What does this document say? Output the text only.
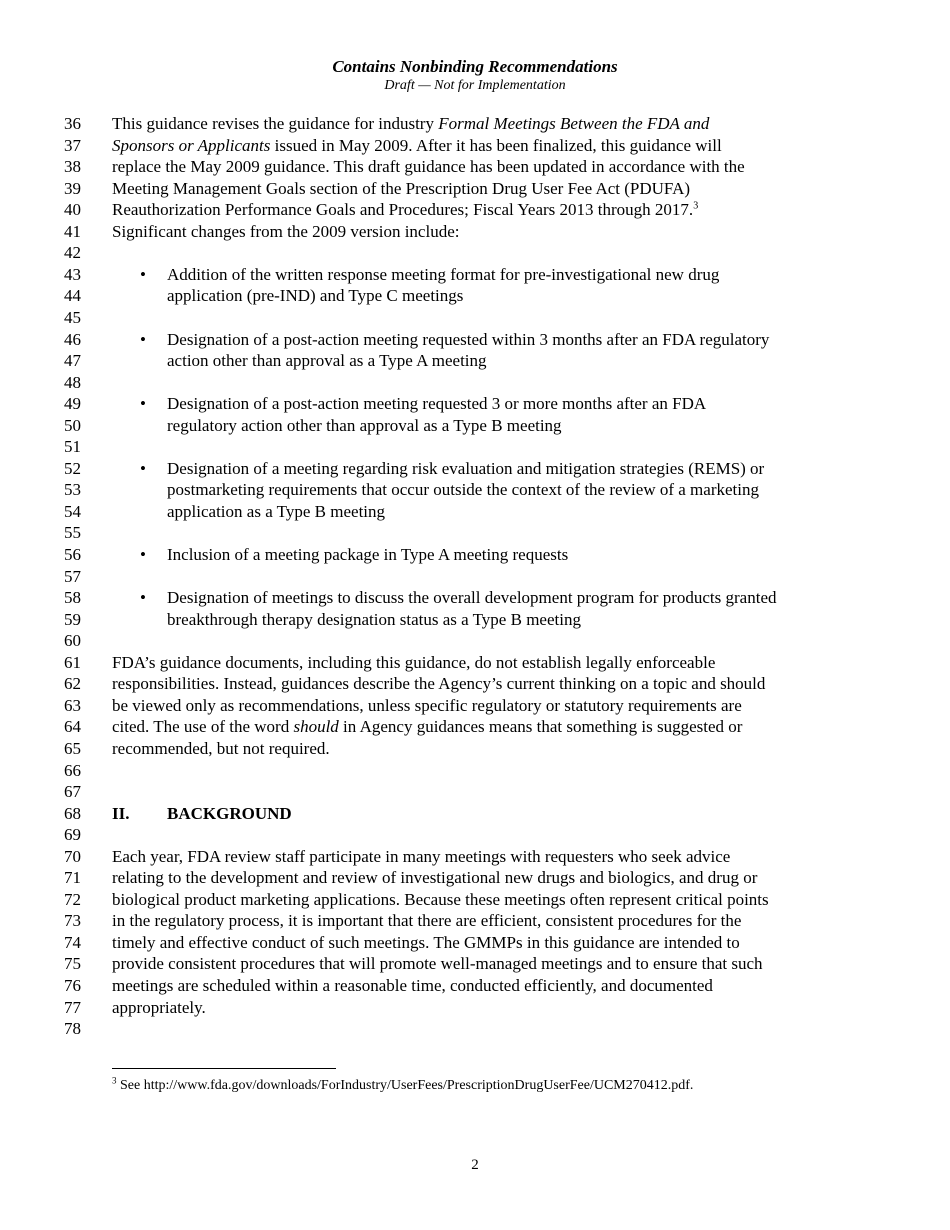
Contains Nonbinding Recommendations
Draft — Not for Implementation
36	This guidance revises the guidance for industry Formal Meetings Between the FDA and
37	Sponsors or Applicants issued in May 2009. After it has been finalized, this guidance will
38	replace the May 2009 guidance. This draft guidance has been updated in accordance with the
39	Meeting Management Goals section of the Prescription Drug User Fee Act (PDUFA)
40	Reauthorization Performance Goals and Procedures; Fiscal Years 2013 through 2017.$^3$
41	Significant changes from the 2009 version include:
42
43	• Addition of the written response meeting format for pre-investigational new drug
44	application (pre-IND) and Type C meetings
45
46	• Designation of a post-action meeting requested within 3 months after an FDA regulatory
47	action other than approval as a Type A meeting
48
49	• Designation of a post-action meeting requested 3 or more months after an FDA
50	regulatory action other than approval as a Type B meeting
51
52	• Designation of a meeting regarding risk evaluation and mitigation strategies (REMS) or
53	postmarketing requirements that occur outside the context of the review of a marketing
54	application as a Type B meeting
55
56	• Inclusion of a meeting package in Type A meeting requests
57
58	• Designation of meetings to discuss the overall development program for products granted
59	breakthrough therapy designation status as a Type B meeting
60
61	FDA’s guidance documents, including this guidance, do not establish legally enforceable
62	responsibilities. Instead, guidances describe the Agency’s current thinking on a topic and should
63	be viewed only as recommendations, unless specific regulatory or statutory requirements are
64	cited. The use of the word should in Agency guidances means that something is suggested or
65	recommended, but not required.
66
67
68	II. BACKGROUND
69
70	Each year, FDA review staff participate in many meetings with requesters who seek advice
71	relating to the development and review of investigational new drugs and biologics, and drug or
72	biological product marketing applications. Because these meetings often represent critical points
73	in the regulatory process, it is important that there are efficient, consistent procedures for the
74	timely and effective conduct of such meetings. The GMMPs in this guidance are intended to
75	provide consistent procedures that will promote well-managed meetings and to ensure that such
76	meetings are scheduled within a reasonable time, conducted efficiently, and documented
77	appropriately.
78
$^3$ See http://www.fda.gov/downloads/ForIndustry/UserFees/PrescriptionDrugUserFee/UCM270412.pdf.
2
